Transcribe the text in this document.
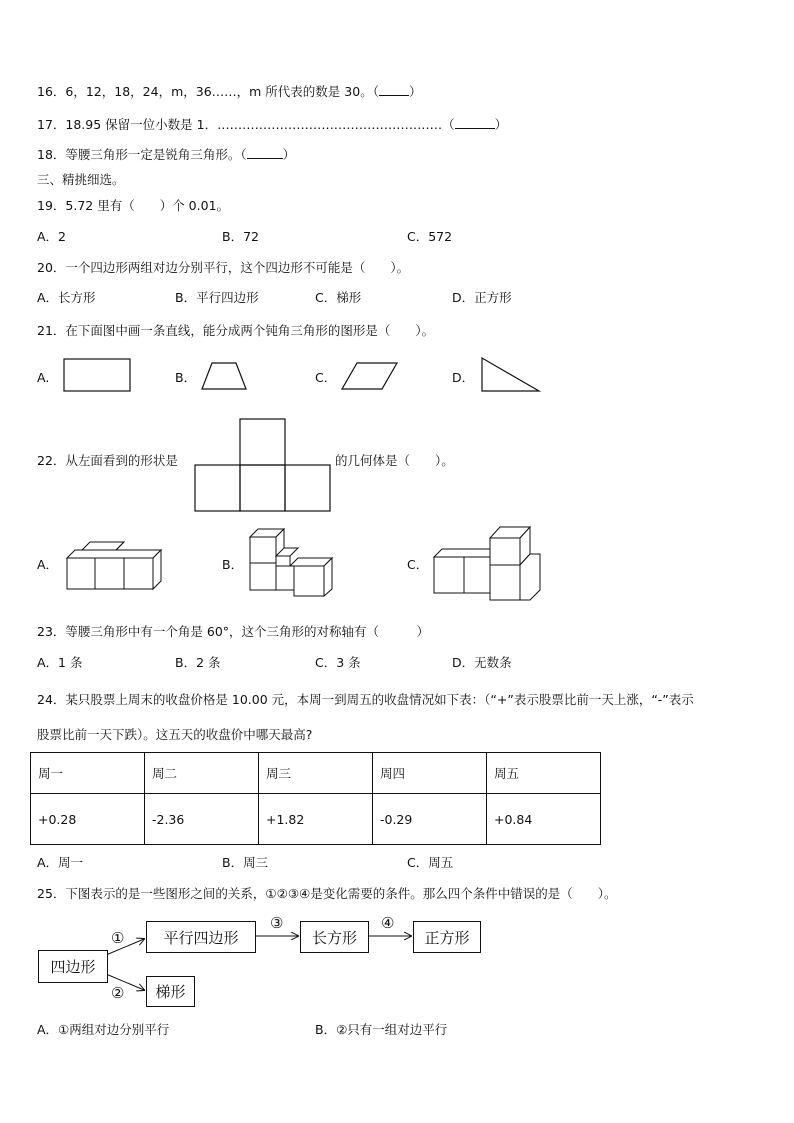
16．6，12，18，24，m，36……，m 所代表的数是 30。（ ）
17．18.95 保留一位小数是 1．………………………………………………（	）
18．等腰三角形一定是锐角三角形。（	）
三、精挑细选。
19．5.72 里有（　　）个 0.01。
A．2	B．72	C．572
20．一个四边形两组对边分别平行，这个四边形不可能是（　　）。
A．长方形	B．平行四边形	C．梯形	D．正方形
21．在下面图中画一条直线，能分成两个钝角三角形的图形是（　　）。
A.	B．	C．	D．
22．从左面看到的形状是	的几何体是（　　）。
A．	B．	C．
23．等腰三角形中有一个角是 60°，这个三角形的对称轴有（　　　）
A．1 条	B．2 条	C．3 条	D．无数条
24．某只股票上周末的收盘价格是 10.00 元，本周一到周五的收盘情况如下表：（“+”表示股票比前一天上涨，“-”表示
股票比前一天下跌）。这五天的收盘价中哪天最高?
周一	周二	周三	周四	周五
+0.28	-2.36	+1.82	-0.29	+0.84
A．周一	B．周三	C．周五
25．下图表示的是一些图形之间的关系，①②③④是变化需要的条件。那么四个条件中错误的是（　　）。
四边形
平行四边形	长方形	正方形
梯形
①
②
③	④
A．①两组对边分别平行	B．②只有一组对边平行
